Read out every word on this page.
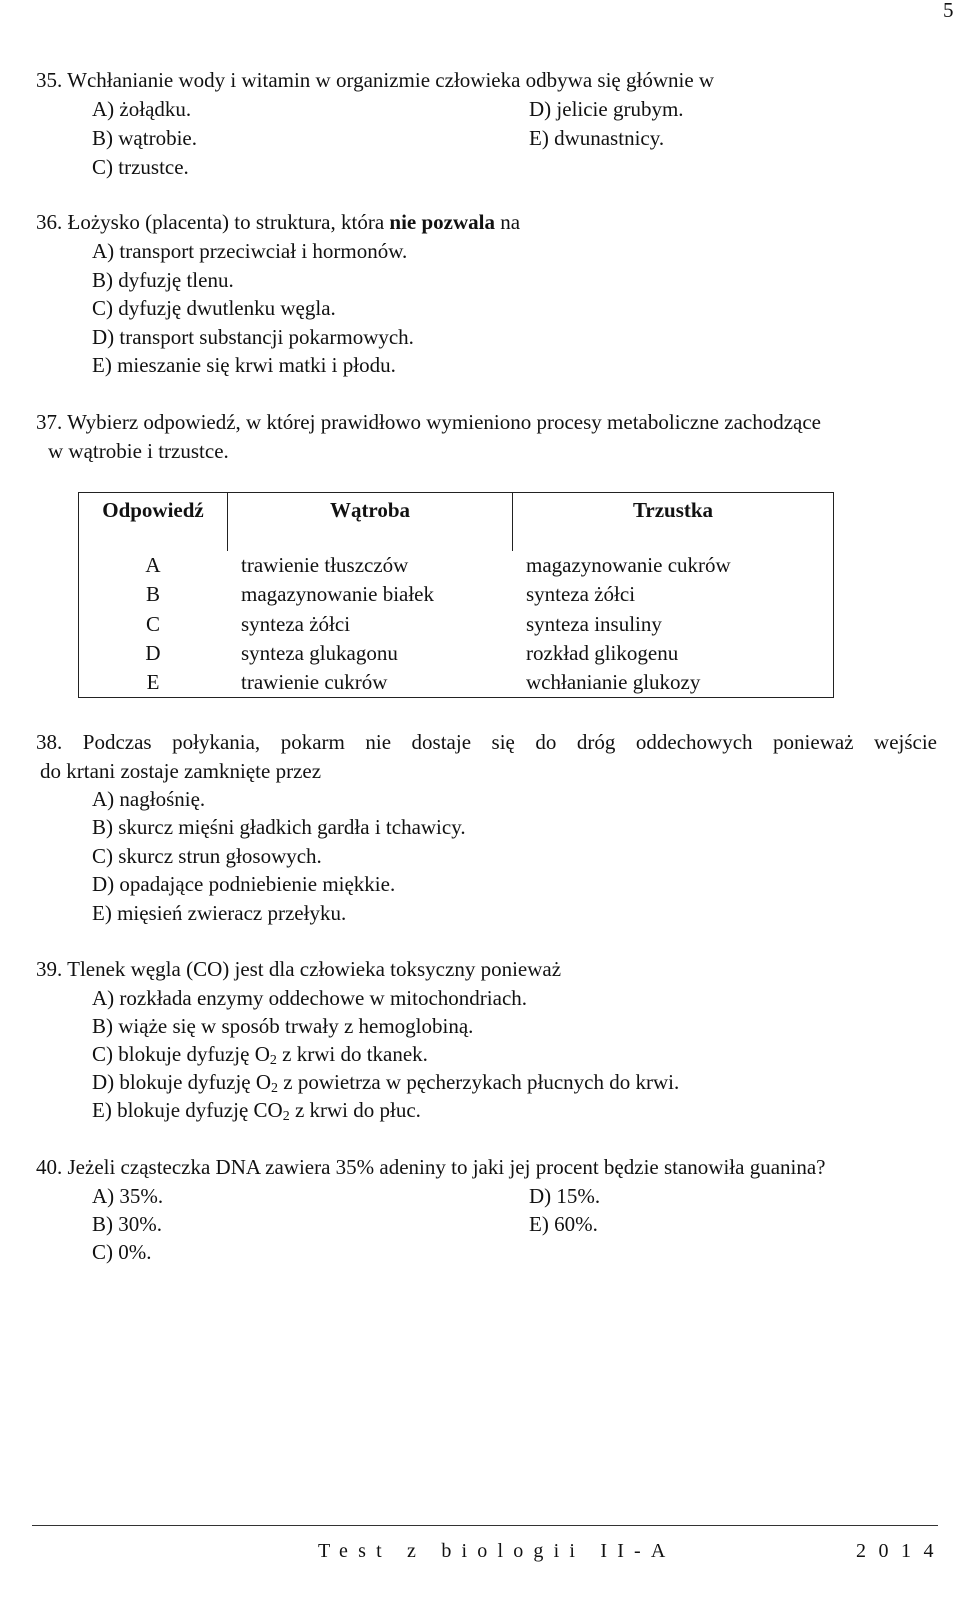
5
35. Wchłanianie wody i witamin w organizmie człowieka odbywa się głównie w
A) żołądku.	D) jelicie grubym.
B) wątrobie.	E) dwunastnicy.
C) trzustce.
36. Łożysko (placenta) to struktura, która nie pozwala na
A) transport przeciwciał i hormonów.
B) dyfuzję tlenu.
C) dyfuzję dwutlenku węgla.
D) transport substancji pokarmowych.
E) mieszanie się krwi matki i płodu.
37. Wybierz odpowiedź, w której prawidłowo wymieniono procesy metaboliczne zachodzące
w wątrobie i trzustce.
Odpowiedź	Wątroba	Trzustka
A	trawienie tłuszczów	magazynowanie cukrów
B	magazynowanie białek	synteza żółci
C	synteza żółci	synteza insuliny
D	synteza glukagonu	rozkład glikogenu
E	trawienie cukrów	wchłanianie glukozy
38. Podczas połykania, pokarm nie dostaje się do dróg oddechowych ponieważ wejście
do krtani zostaje zamknięte przez
A) nagłośnię.
B) skurcz mięśni gładkich gardła i tchawicy.
C) skurcz strun głosowych.
D) opadające podniebienie miękkie.
E) mięsień zwieracz przełyku.
39. Tlenek węgla (CO) jest dla człowieka toksyczny ponieważ
A) rozkłada enzymy oddechowe w mitochondriach.
B) wiąże się w sposób trwały z hemoglobiną.
C) blokuje dyfuzję $O_2$ z krwi do tkanek.
D) blokuje dyfuzję $O_2$ z powietrza w pęcherzykach płucnych do krwi.
E) blokuje dyfuzję $CO_2$ z krwi do płuc.
40. Jeżeli cząsteczka DNA zawiera 35% adeniny to jaki jej procent będzie stanowiła guanina?
A) 35%.	D) 15%.
B) 30%.	E) 60%.
C) 0%.
Test z biologii II-A	2014
